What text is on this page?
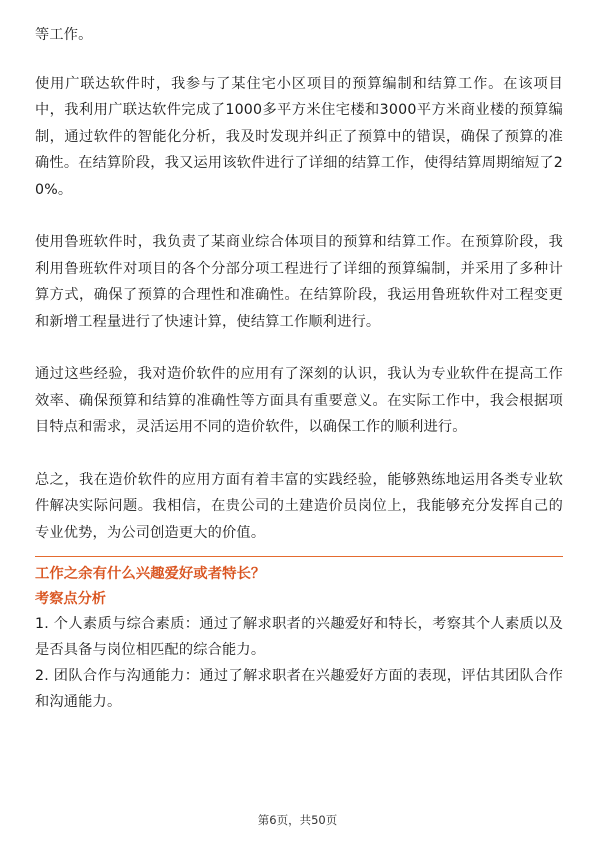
等工作。

使用广联达软件时，我参与了某住宅小区项目的预算编制和结算工作。在该项目中，我利用广联达软件完成了1000多平方米住宅楼和3000平方米商业楼的预算编制，通过软件的智能化分析，我及时发现并纠正了预算中的错误，确保了预算的准确性。在结算阶段，我又运用该软件进行了详细的结算工作，使得结算周期缩短了20%。

使用鲁班软件时，我负责了某商业综合体项目的预算和结算工作。在预算阶段，我利用鲁班软件对项目的各个分部分项工程进行了详细的预算编制，并采用了多种计算方式，确保了预算的合理性和准确性。在结算阶段，我运用鲁班软件对工程变更和新增工程量进行了快速计算，使结算工作顺利进行。

通过这些经验，我对造价软件的应用有了深刻的认识，我认为专业软件在提高工作效率、确保预算和结算的准确性等方面具有重要意义。在实际工作中，我会根据项目特点和需求，灵活运用不同的造价软件，以确保工作的顺利进行。

总之，我在造价软件的应用方面有着丰富的实践经验，能够熟练地运用各类专业软件解决实际问题。我相信，在贵公司的土建造价员岗位上，我能够充分发挥自己的专业优势，为公司创造更大的价值。

工作之余有什么兴趣爱好或者特长？

考察点分析

1. 个人素质与综合素质：通过了解求职者的兴趣爱好和特长，考察其个人素质以及是否具备与岗位相匹配的综合能力。

2. 团队合作与沟通能力：通过了解求职者在兴趣爱好方面的表现，评估其团队合作和沟通能力。

第6页，共50页
